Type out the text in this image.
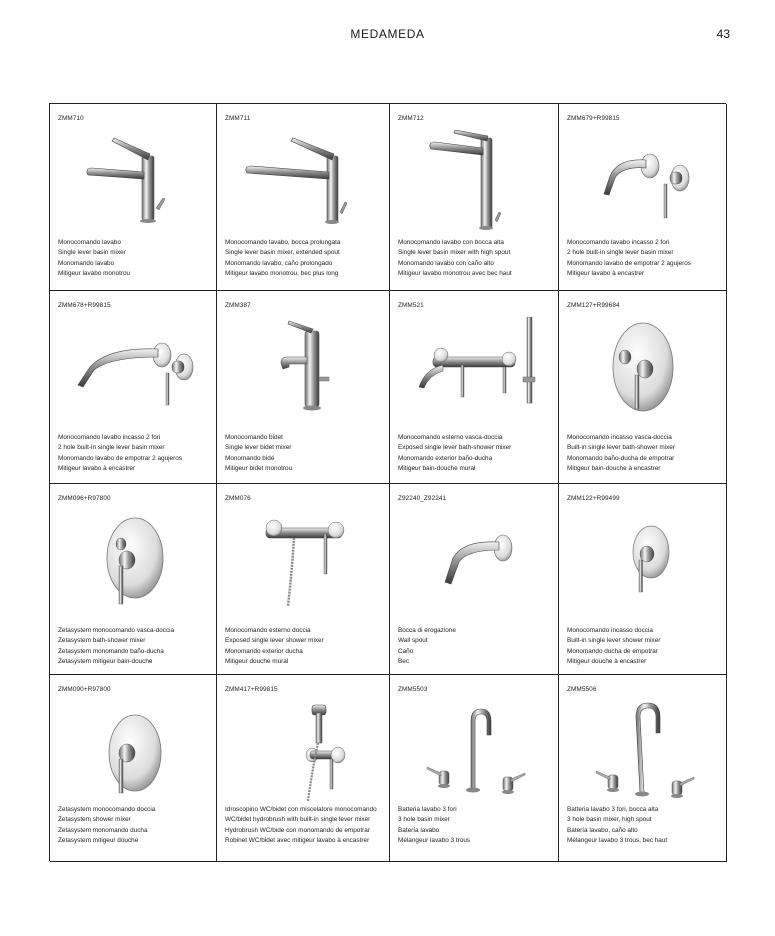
MEDAMEDA	43
ZMM710
Monocomando lavabo
Single lever basin mixer
Monomando lavabo
Mitigeur lavabo monotrou
ZMM711
Monocomando lavabo, bocca prolungata
Single lever basin mixer, extended spout
Monomando lavabo, caño prolongado
Mitigeur lavabo monotrou, bec plus long
ZMM712
Monocomando lavabo con bocca alta
Single lever basin mixer with high spout
Monomando lavabo con caño alto
Mitigeur lavabo monotrou avec bec haut
ZMM679+R99815
Monocomando lavabo incasso 2 fori
2 hole built-in single lever basin mixer
Monomando lavabo de empotrar 2 agujeros
Mitigeur lavabo à encastrer
ZMM678+R99815
Monocomando lavabo incasso 2 fori
2 hole built-in single lever basin mixer
Monomando lavabo de empotrar 2 agujeros
Mitigeur lavabo à encastrer
ZMM387
Monocomando bidet
Single lever bidet mixer
Monomando bidé
Mitigeur bidet monotrou
ZMM521
Monocomando esterno vasca-doccia
Exposed single lever bath-shower mixer
Monomando exterior baño-ducha
Mitigeur bain-douche mural
ZMM127+R99684
Monocomando incasso vasca-doccia
Built-in single lever bath-shower mixer
Monomando baño-ducha de empotrar
Mitigeur bain-douche à encastrer
ZMM096+R97800
Zetasystem monocomando vasca-doccia
Zetasystem bath-shower mixer
Zetasystem monomando baño-ducha
Zetasystem mitigeur bain-douche
ZMM076
Monocomando esterno doccia
Exposed single lever shower mixer
Monomando exterior ducha
Mitigeur douche mural
Z92240_Z92241
Bocca di erogazione
Wall spout
Caño
Bec
ZMM122+R99499
Monocomando incasso doccia
Built-in single lever shower mixer
Monomando ducha de empotrar
Mitigeur douche à encastrer
ZMM090+R97800
Zetasystem monocomando doccia
Zetasystem shower mixer
Zetasystem monomando ducha
Zetasystem mitigeur douche
ZMM417+R99815
Idroscopino WC/bidet con miscelatore monocomando
WC/bidet hydrobrush with built-in single lever mixer
Hydrobrush WC/bide con monomando de empotrar
Robinet WC/bidet avec mitigeur lavabo à encastrer
ZMM5503
Batteria lavabo 3 fori
3 hole basin mixer
Batería lavabo
Mélangeur lavabo 3 trous
ZMM5506
Batteria lavabo 3 fori, bocca alta
3 hole basin mixer, high spout
Batería lavabo, caño alto
Mélangeur lavabo 3 trous, bec haut
